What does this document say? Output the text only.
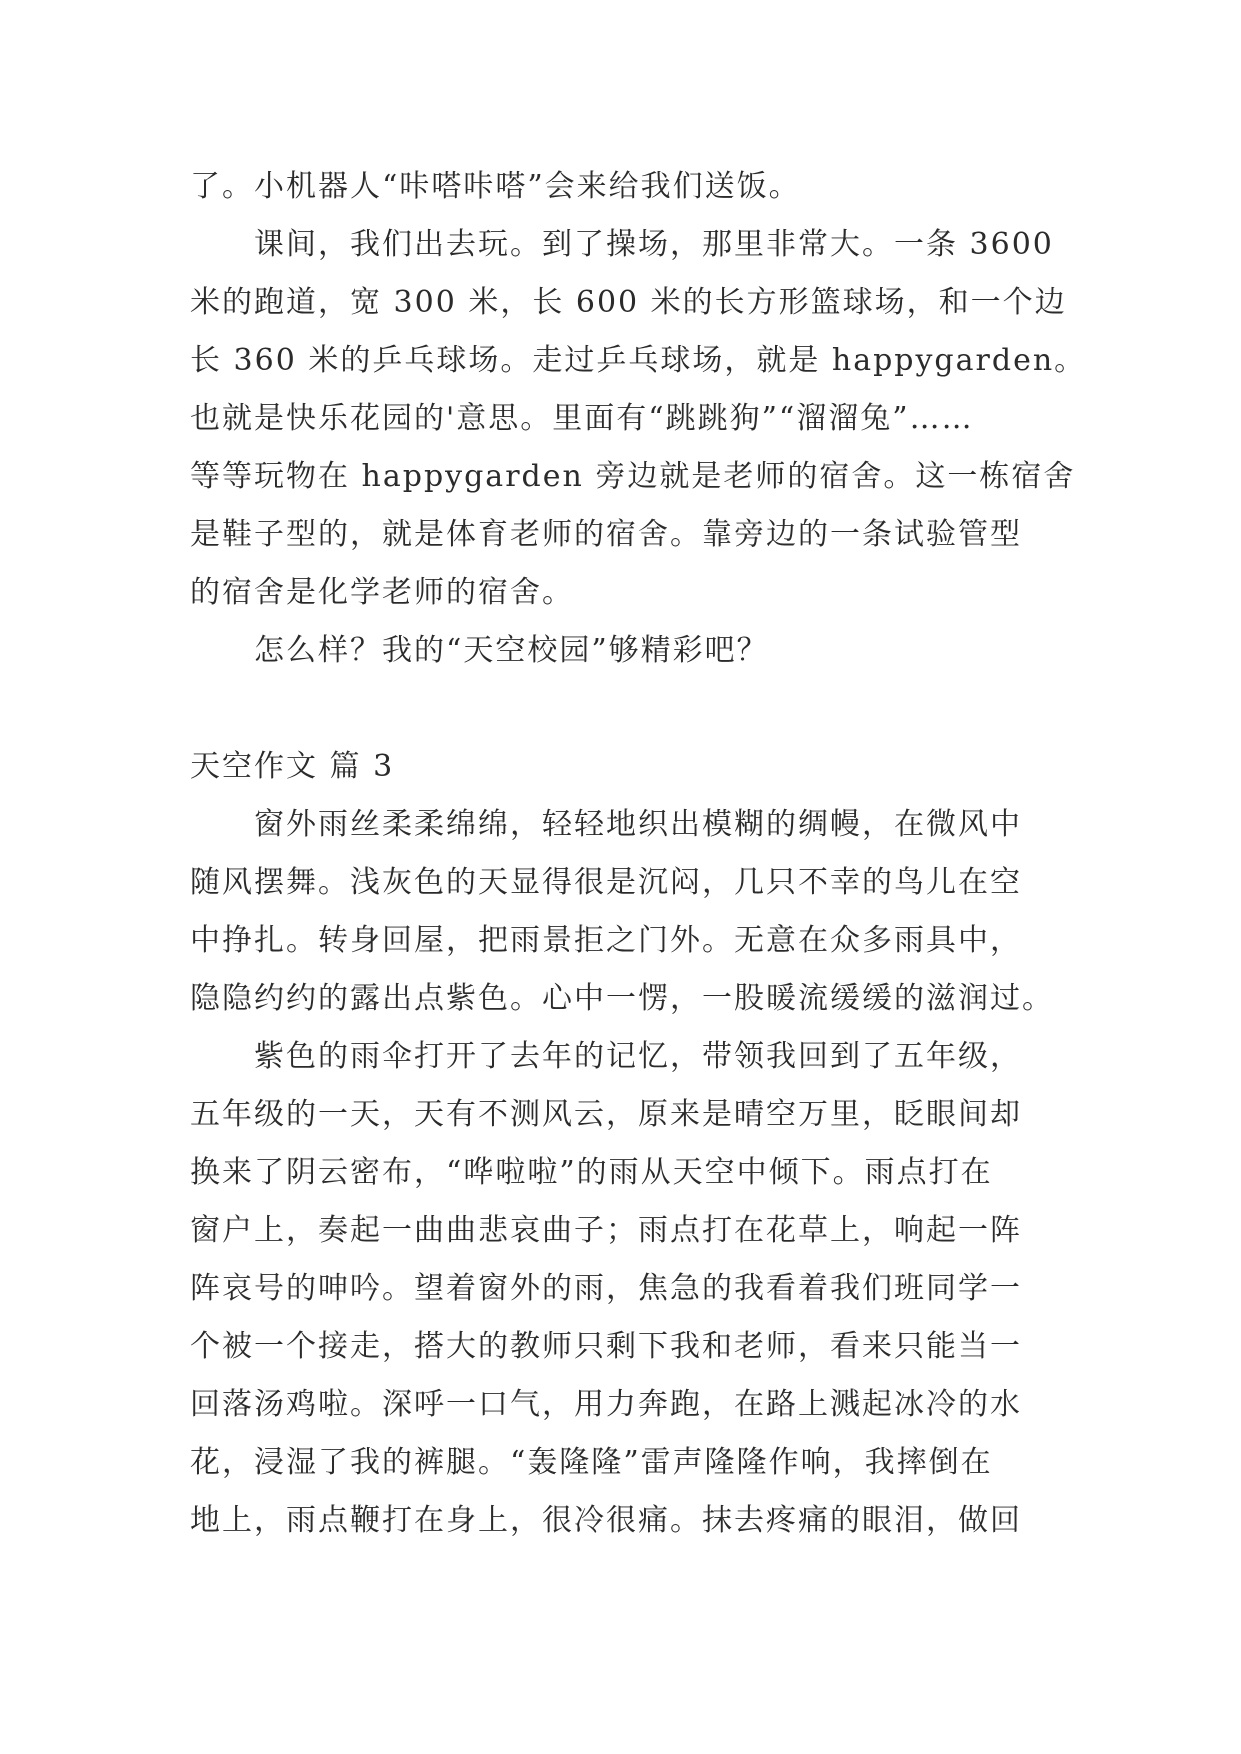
了。小机器人“咔嗒咔嗒”会来给我们送饭。
课间，我们出去玩。到了操场，那里非常大。一条 3600
米的跑道，宽 300 米，长 600 米的长方形篮球场，和一个边
长 360 米的乒乓球场。走过乒乓球场，就是 happygarden。
也就是快乐花园的'意思。里面有“跳跳狗”“溜溜兔”……
等等玩物在 happygarden 旁边就是老师的宿舍。这一栋宿舍
是鞋子型的，就是体育老师的宿舍。靠旁边的一条试验管型
的宿舍是化学老师的宿舍。
怎么样？我的“天空校园”够精彩吧？
天空作文 篇 3
窗外雨丝柔柔绵绵，轻轻地织出模糊的绸幔，在微风中
随风摆舞。浅灰色的天显得很是沉闷，几只不幸的鸟儿在空
中挣扎。转身回屋，把雨景拒之门外。无意在众多雨具中，
隐隐约约的露出点紫色。心中一愣，一股暖流缓缓的滋润过。
紫色的雨伞打开了去年的记忆，带领我回到了五年级，
五年级的一天，天有不测风云，原来是晴空万里，眨眼间却
换来了阴云密布，“哗啦啦”的雨从天空中倾下。雨点打在
窗户上，奏起一曲曲悲哀曲子；雨点打在花草上，响起一阵
阵哀号的呻吟。望着窗外的雨，焦急的我看着我们班同学一
个被一个接走，搭大的教师只剩下我和老师，看来只能当一
回落汤鸡啦。深呼一口气，用力奔跑，在路上溅起冰冷的水
花，浸湿了我的裤腿。“轰隆隆”雷声隆隆作响，我摔倒在
地上，雨点鞭打在身上，很冷很痛。抹去疼痛的眼泪，做回
